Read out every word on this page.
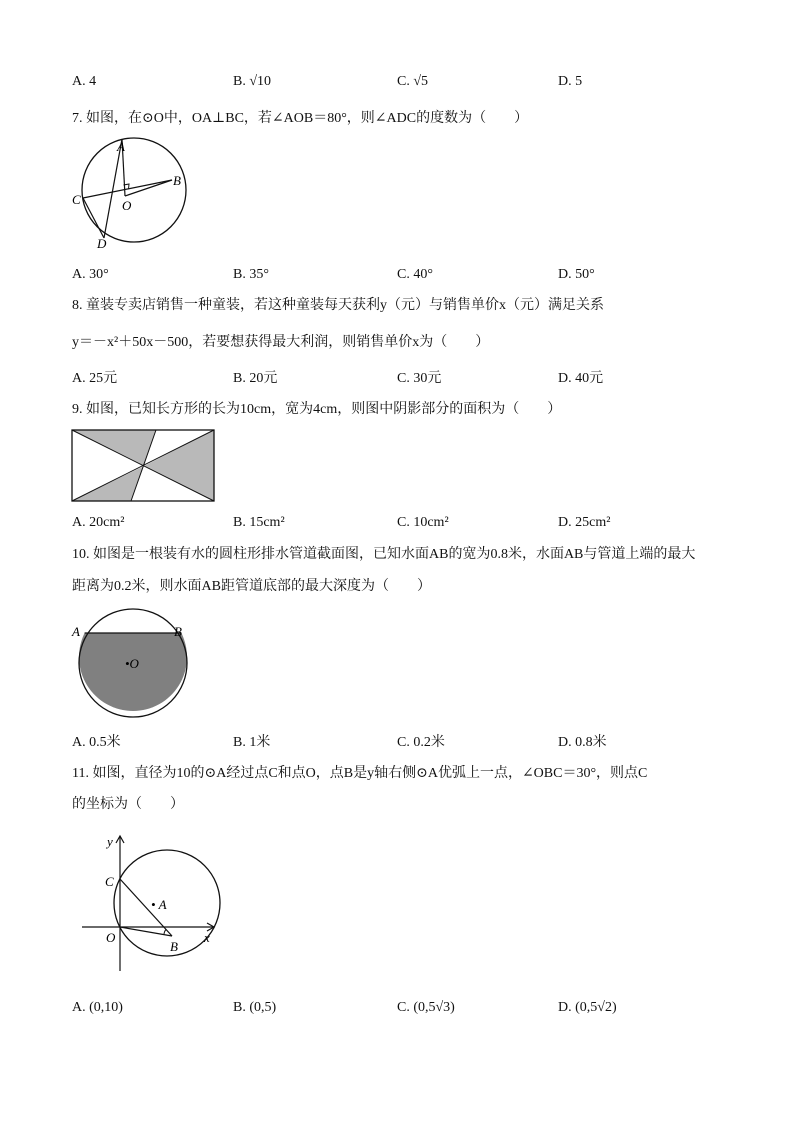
A. 4	B. √10	C. √5	D. 5
7. 如图，在⊙O中，OA⊥BC，若∠AOB＝80°，则∠ADC的度数为（　　）
A
B
C
D
O
A. 30°	B. 35°	C. 40°	D. 50°
8. 童装专卖店销售一种童装，若这种童装每天获利y（元）与销售单价x（元）满足关系
y＝－x²＋50x－500，若要想获得最大利润，则销售单价x为（　　）
A. 25元	B. 20元	C. 30元	D. 40元
9. 如图，已知长方形的长为10cm，宽为4cm，则图中阴影部分的面积为（　　）
A. 20cm²	B. 15cm²	C. 10cm²	D. 25cm²
10. 如图是一根装有水的圆柱形排水管道截面图，已知水面AB的宽为0.8米，水面AB与管道上端的最大
距离为0.2米，则水面AB距管道底部的最大深度为（　　）
A	B
•O
A. 0.5米	B. 1米	C. 0.2米	D. 0.8米
11. 如图，直径为10的⊙A经过点C和点O，点B是y轴右侧⊙A优弧上一点，∠OBC＝30°，则点C
的坐标为（　　）
y
x
C
• A
O
B
A. (0,10)	B. (0,5)	C. (0,5√3)	D. (0,5√2)
